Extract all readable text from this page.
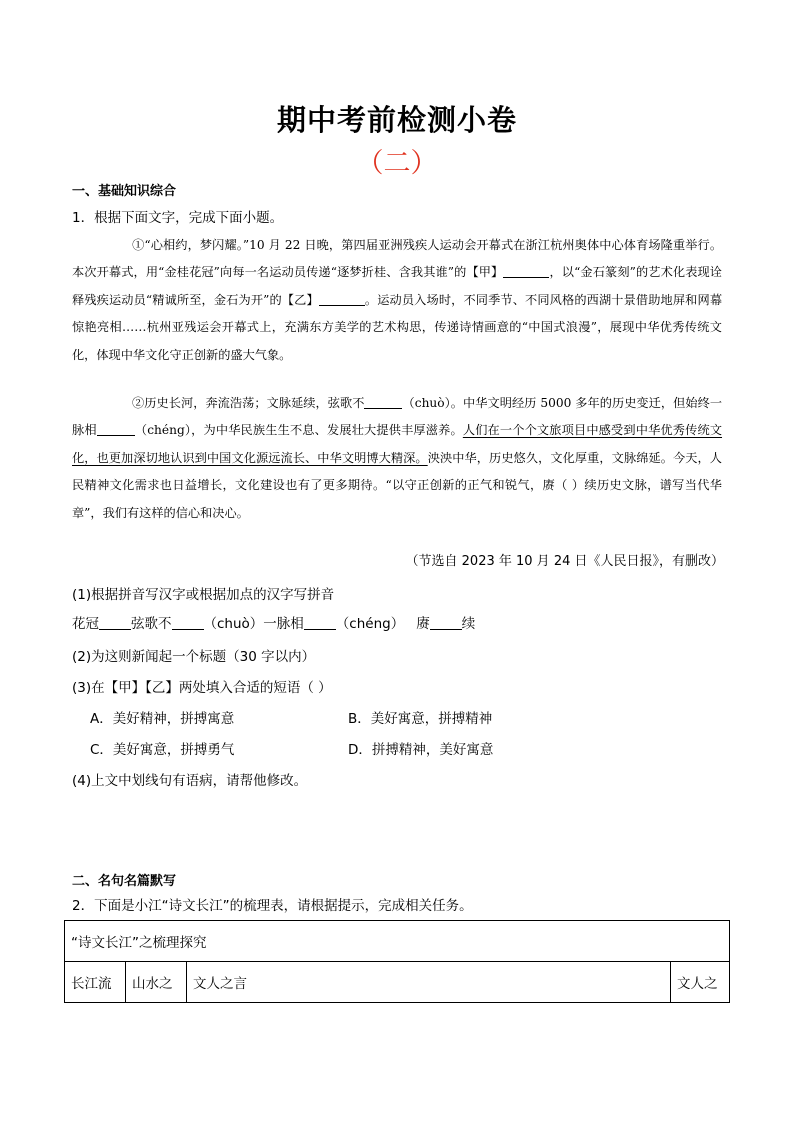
期中考前检测小卷
（二）
一、基础知识综合
1．根据下面文字，完成下面小题。
①“心相约，梦闪耀。”10 月 22 日晚，第四届亚洲残疾人运动会开幕式在浙江杭州奥体中心体育场隆重举行。本次开幕式，用“金桂花冠”向每一名运动员传递“逐梦折桂、含我其谁”的【甲】	，以“金石篆刻”的艺术化表现诠释残疾运动员“精诚所至，金石为开”的【乙】	。运动员入场时，不同季节、不同风格的西湖十景借助地屏和网幕惊艳亮相……杭州亚残运会开幕式上，充满东方美学的艺术构思，传递诗情画意的“中国式浪漫”，展现中华优秀传统文化，体现中华文化守正创新的盛大气象。
②历史长河，奔流浩荡；文脉延续，弦歌不	（chuò）。中华文明经历 5000 多年的历史变迁，但始终一脉相	（chéng），为中华民族生生不息、发展壮大提供丰厚滋养。人们在一个个文旅项目中感受到中华优秀传统文化，也更加深切地认识到中国文化源远流长、中华文明博大精深。泱泱中华，历史悠久，文化厚重，文脉绵延。今天，人民精神文化需求也日益增长，文化建设也有了更多期待。“以守正创新的正气和锐气，赓（ ）续历史文脉，谱写当代华章”，我们有这样的信心和决心。
（节选自 2023 年 10 月 24 日《人民日报》，有删改）
(1)根据拼音写汉字或根据加点的汉字写拼音
花冠 弦歌不 （chuò）一脉相 （chéng） 赓 续
(2)为这则新闻起一个标题（30 字以内）
(3)在【甲】【乙】两处填入合适的短语（ ）
A．美好精神，拼搏寓意	B．美好寓意，拼搏精神
C．美好寓意，拼搏勇气	D．拼搏精神，美好寓意
(4)上文中划线句有语病，请帮他修改。
二、名句名篇默写
2．下面是小江“诗文长江”的梳理表，请根据提示，完成相关任务。
“诗文长江”之梳理探究
长江流	山水之	文人之言	文人之
